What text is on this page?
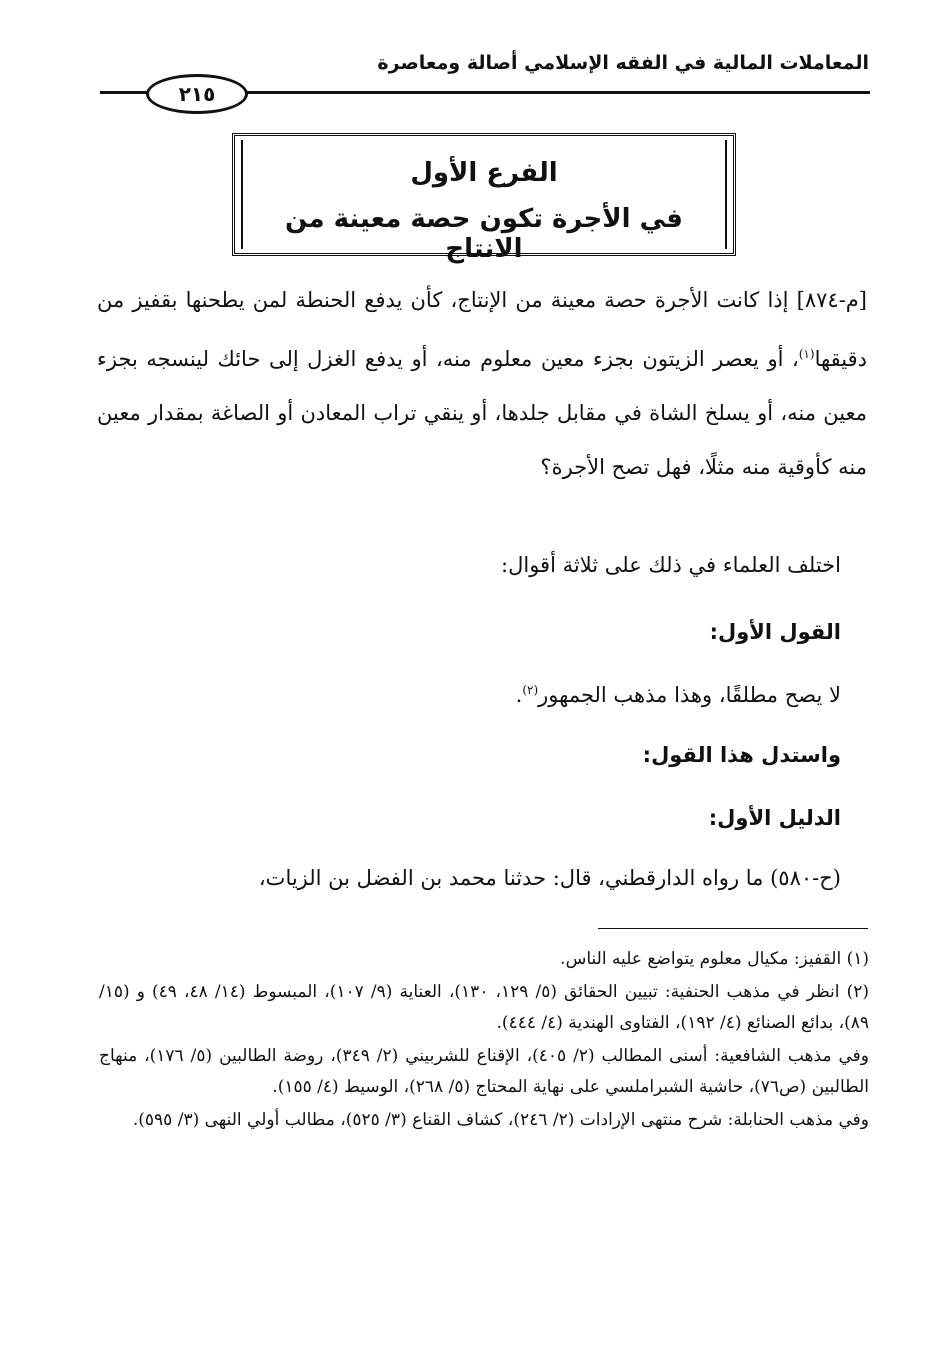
المعاملات المالية في الفقه الإسلامي أصالة ومعاصرة
٢١٥
الفرع الأول
في الأجرة تكون حصة معينة من الانتاج
[م-٨٧٤] إذا كانت الأجرة حصة معينة من الإنتاج، كأن يدفع الحنطة لمن يطحنها بقفيز من دقيقها$^{(١)}$، أو يعصر الزيتون بجزء معين معلوم منه، أو يدفع الغزل إلى حائك لينسجه بجزء معين منه، أو يسلخ الشاة في مقابل جلدها، أو ينقي تراب المعادن أو الصاغة بمقدار معين منه كأوقية منه مثلًا، فهل تصح الأجرة؟
اختلف العلماء في ذلك على ثلاثة أقوال:
القول الأول:
لا يصح مطلقًا، وهذا مذهب الجمهور$^{(٢)}$.
واستدل هذا القول:
الدليل الأول:
(ح-٥٨٠) ما رواه الدارقطني، قال: حدثنا محمد بن الفضل بن الزيات،
(١) القفيز: مكيال معلوم يتواضع عليه الناس.
(٢) انظر في مذهب الحنفية: تبيين الحقائق (٥/ ١٢٩، ١٣٠)، العناية (٩/ ١٠٧)، المبسوط (١٤/ ٤٨، ٤٩) و (١٥/ ٨٩)، بدائع الصنائع (٤/ ١٩٢)، الفتاوى الهندية (٤/ ٤٤٤).
وفي مذهب الشافعية: أسنى المطالب (٢/ ٤٠٥)، الإقناع للشربيني (٢/ ٣٤٩)، روضة الطالبين (٥/ ١٧٦)، منهاج الطالبين (ص٧٦)، حاشية الشبراملسي على نهاية المحتاج (٥/ ٢٦٨)، الوسيط (٤/ ١٥٥).
وفي مذهب الحنابلة: شرح منتهى الإرادات (٢/ ٢٤٦)، كشاف القناع (٣/ ٥٢٥)، مطالب أولي النهى (٣/ ٥٩٥).
